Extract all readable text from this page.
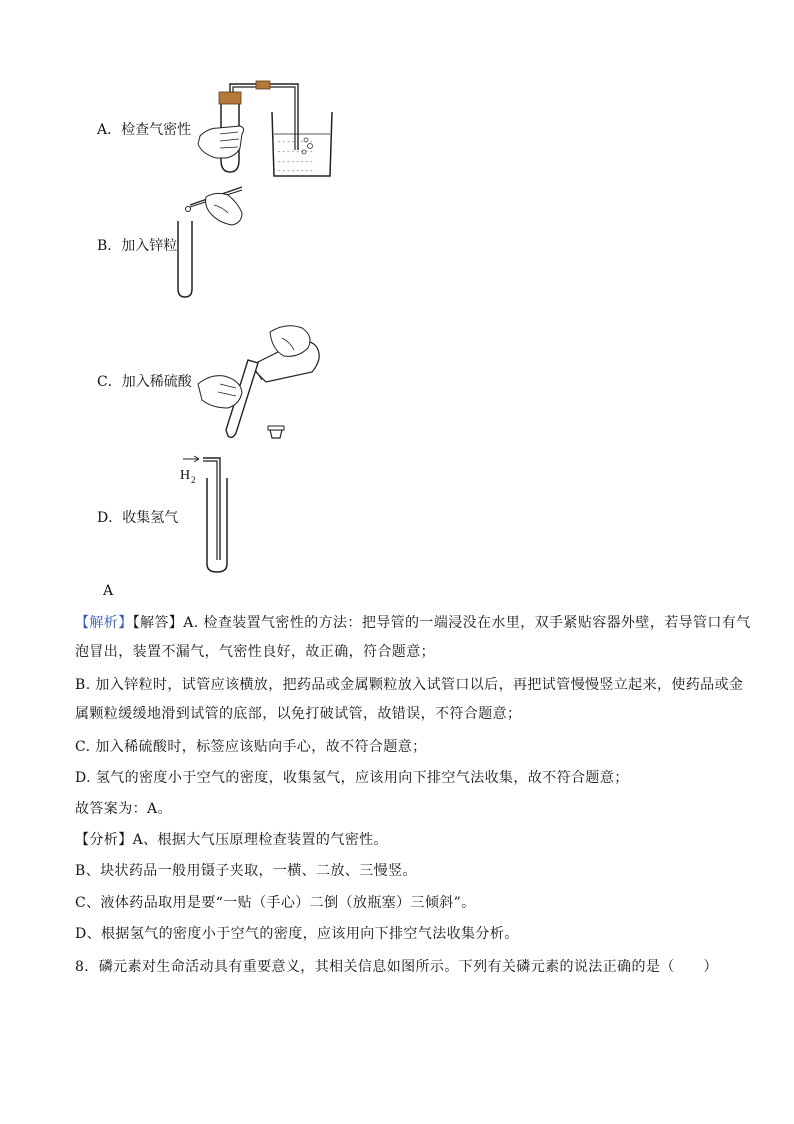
A．检查气密性
- - - - - - - -
- - - - - - - -
- - - - - - - -
- - - - - - - -
B．加入锌粒
C．加入稀硫酸
D．收集氢气
H 2
A
【解析】【解答】A. 检查装置气密性的方法：把导管的一端浸没在水里，双手紧贴容器外壁，若导管口有气泡冒出，装置不漏气，气密性良好，故正确，符合题意；
B. 加入锌粒时，试管应该横放，把药品或金属颗粒放入试管口以后，再把试管慢慢竖立起来，使药品或金属颗粒缓缓地滑到试管的底部，以免打破试管，故错误，不符合题意；
C. 加入稀硫酸时，标签应该贴向手心，故不符合题意；
D. 氢气的密度小于空气的密度，收集氢气，应该用向下排空气法收集，故不符合题意；
故答案为：A。
【分析】A、根据大气压原理检查装置的气密性。
B、块状药品一般用镊子夹取，一横、二放、三慢竖。
C、液体药品取用是要“一贴（手心）二倒（放瓶塞）三倾斜”。
D、根据氢气的密度小于空气的密度，应该用向下排空气法收集分析。
8．磷元素对生命活动具有重要意义，其相关信息如图所示。下列有关磷元素的说法正确的是（　　）
